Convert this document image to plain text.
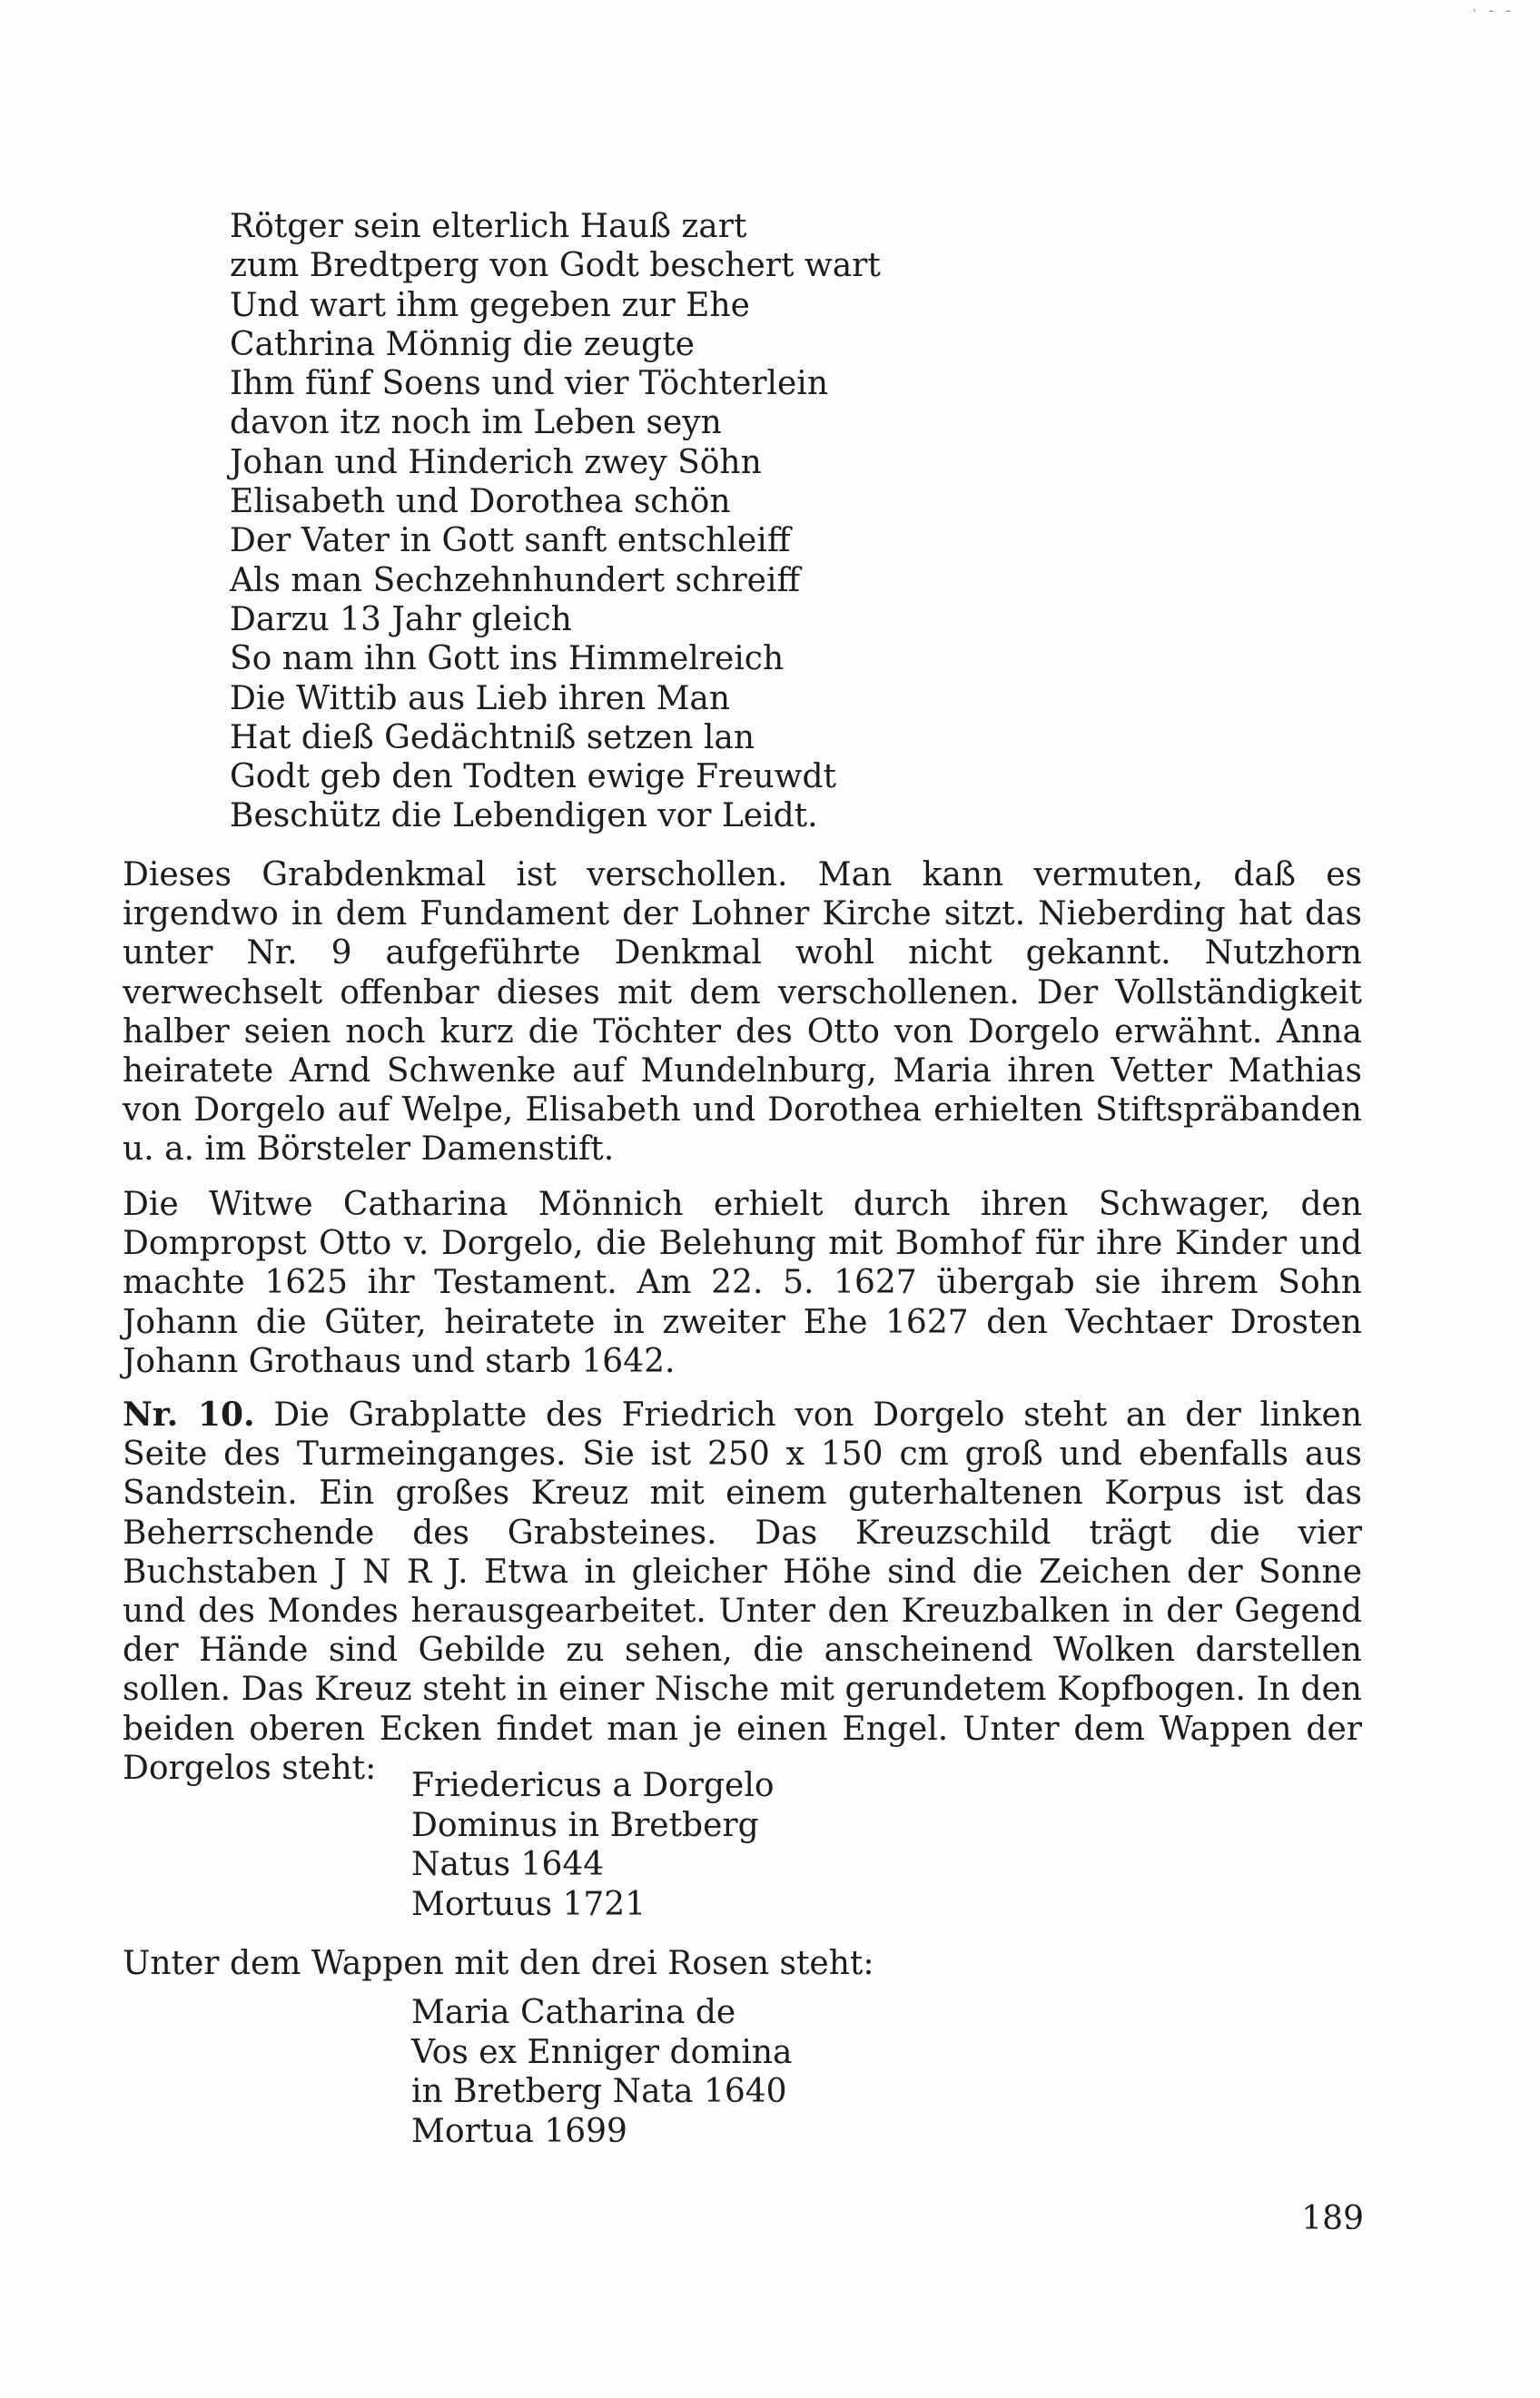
· - -
Rötger sein elterlich Hauß zart
zum Bredtperg von Godt beschert wart
Und wart ihm gegeben zur Ehe
Cathrina Mönnig die zeugte
Ihm fünf Soens und vier Töchterlein
davon itz noch im Leben seyn
Johan und Hinderich zwey Söhn
Elisabeth und Dorothea schön
Der Vater in Gott sanft entschleiff
Als man Sechzehnhundert schreiff
Darzu 13 Jahr gleich
So nam ihn Gott ins Himmelreich
Die Wittib aus Lieb ihren Man
Hat dieß Gedächtniß setzen lan
Godt geb den Todten ewige Freuwdt
Beschütz die Lebendigen vor Leidt.

Dieses Grabdenkmal ist verschollen. Man kann vermuten, daß es irgendwo in dem Fundament der Lohner Kirche sitzt. Nieberding hat das unter Nr. 9 aufgeführte Denkmal wohl nicht gekannt. Nutzhorn verwechselt offenbar dieses mit dem verschollenen. Der Vollständigkeit halber seien noch kurz die Töchter des Otto von Dorgelo erwähnt. Anna heiratete Arnd Schwenke auf Mundelnburg, Maria ihren Vetter Mathias von Dorgelo auf Welpe, Elisabeth und Dorothea erhielten Stiftspräbanden u. a. im Börsteler Damenstift.

Die Witwe Catharina Mönnich erhielt durch ihren Schwager, den Dompropst Otto v. Dorgelo, die Belehung mit Bomhof für ihre Kinder und machte 1625 ihr Testament. Am 22. 5. 1627 übergab sie ihrem Sohn Johann die Güter, heiratete in zweiter Ehe 1627 den Vechtaer Drosten Johann Grothaus und starb 1642.

Nr. 10. Die Grabplatte des Friedrich von Dorgelo steht an der linken Seite des Turmeinganges. Sie ist 250 x 150 cm groß und ebenfalls aus Sandstein. Ein großes Kreuz mit einem guterhaltenen Korpus ist das Beherrschende des Grabsteines. Das Kreuzschild trägt die vier Buchstaben J N R J. Etwa in gleicher Höhe sind die Zeichen der Sonne und des Mondes herausgearbeitet. Unter den Kreuzbalken in der Gegend der Hände sind Gebilde zu sehen, die anscheinend Wolken darstellen sollen. Das Kreuz steht in einer Nische mit gerundetem Kopfbogen. In den beiden oberen Ecken findet man je einen Engel. Unter dem Wappen der Dorgelos steht:	Friedericus a Dorgelo
Dominus in Bretberg
Natus 1644
Mortuus 1721

Unter dem Wappen mit den drei Rosen steht:

Maria Catharina de
Vos ex Enniger domina
in Bretberg Nata 1640
Mortua 1699
189
